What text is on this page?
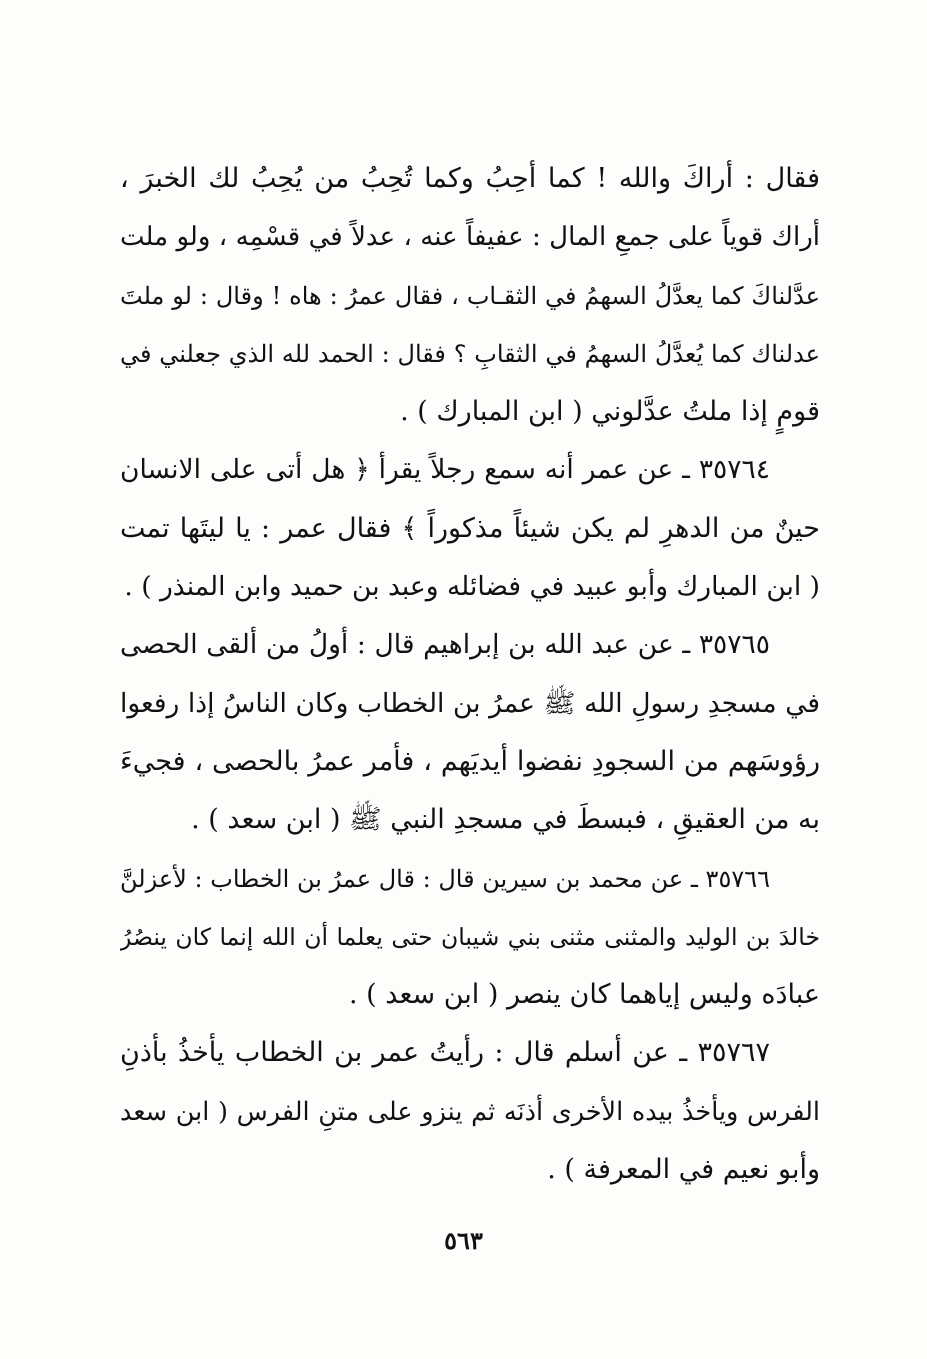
فقال : أراكَ والله ! كما أحِبُ وكما تُحِبُ من يُحِبُ لك الخبرَ ،
أراك قوياً على جمعِ المال : عفيفاً عنه ، عدلاً في قسْمِه ، ولو ملت
عدَّلناكَ كما يعدَّلُ السهمُ في الثقـاب ، فقال عمرُ : هاه ! وقال : لو ملتَ
عدلناك كما يُعدَّلُ السهمُ في الثقابِ ؟ فقال : الحمد لله الذي جعلني في
قومٍ إذا ملتُ عدَّلوني ( ابن المبارك ) .
٣٥٧٦٤ ـ عن عمر أنه سمع رجلاً يقرأ ﴿ هل أتى على الانسان
حينٌ من الدهرِ لم يكن شيئاً مذكوراً ﴾ فقال عمر : يا ليتَها تمت
( ابن المبارك وأبو عبيد في فضائله وعبد بن حميد وابن المنذر ) .
٣٥٧٦٥ ـ عن عبد الله بن إبراهيم قال : أولُ من ألقى الحصى
في مسجدِ رسولِ الله ﷺ عمرُ بن الخطاب وكان الناسُ إذا رفعوا
رؤوسَهم من السجودِ نفضوا أيديَهم ، فأمر عمرُ بالحصى ، فجيءَ
به من العقيقِ ، فبسطَ في مسجدِ النبي ﷺ ( ابن سعد ) .
٣٥٧٦٦ ـ عن محمد بن سيرين قال : قال عمرُ بن الخطاب : لأعزلنَّ
خالدَ بن الوليد والمثنى مثنى بني شيبان حتى يعلما أن الله إنما كان ينصُرُ
عبادَه وليس إياهما كان ينصر ( ابن سعد ) .
٣٥٧٦٧ ـ عن أسلم قال : رأيتُ عمر بن الخطاب يأخذُ بأذنِ
الفرس ويأخذُ بيده الأخرى أذنَه ثم ينزو على متنِ الفرس ( ابن سعد
وأبو نعيم في المعرفة ) .
٥٦٣
